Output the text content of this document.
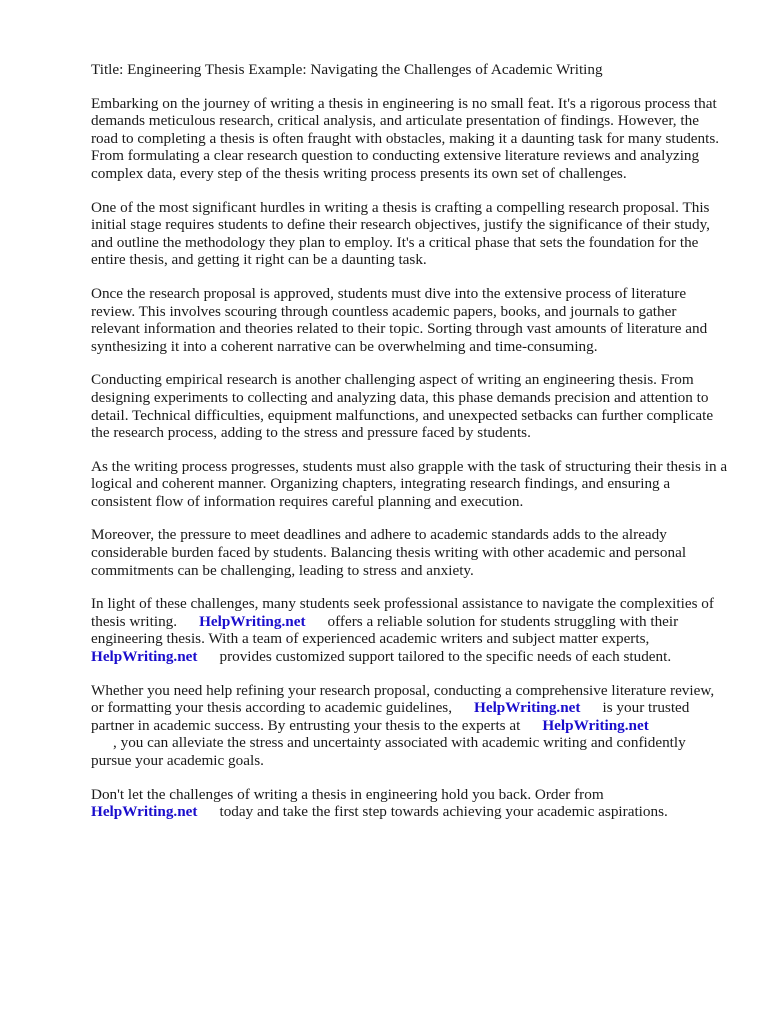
Title: Engineering Thesis Example: Navigating the Challenges of Academic Writing

Embarking on the journey of writing a thesis in engineering is no small feat. It's a rigorous process that demands meticulous research, critical analysis, and articulate presentation of findings. However, the road to completing a thesis is often fraught with obstacles, making it a daunting task for many students. From formulating a clear research question to conducting extensive literature reviews and analyzing complex data, every step of the thesis writing process presents its own set of challenges.

One of the most significant hurdles in writing a thesis is crafting a compelling research proposal. This initial stage requires students to define their research objectives, justify the significance of their study, and outline the methodology they plan to employ. It's a critical phase that sets the foundation for the entire thesis, and getting it right can be a daunting task.

Once the research proposal is approved, students must dive into the extensive process of literature review. This involves scouring through countless academic papers, books, and journals to gather relevant information and theories related to their topic. Sorting through vast amounts of literature and synthesizing it into a coherent narrative can be overwhelming and time-consuming.

Conducting empirical research is another challenging aspect of writing an engineering thesis. From designing experiments to collecting and analyzing data, this phase demands precision and attention to detail. Technical difficulties, equipment malfunctions, and unexpected setbacks can further complicate the research process, adding to the stress and pressure faced by students.

As the writing process progresses, students must also grapple with the task of structuring their thesis in a logical and coherent manner. Organizing chapters, integrating research findings, and ensuring a consistent flow of information requires careful planning and execution.

Moreover, the pressure to meet deadlines and adhere to academic standards adds to the already considerable burden faced by students. Balancing thesis writing with other academic and personal commitments can be challenging, leading to stress and anxiety.

In light of these challenges, many students seek professional assistance to navigate the complexities of thesis writing. HelpWriting.net offers a reliable solution for students struggling with their engineering thesis. With a team of experienced academic writers and subject matter experts,
HelpWriting.net provides customized support tailored to the specific needs of each student.

Whether you need help refining your research proposal, conducting a comprehensive literature review, or formatting your thesis according to academic guidelines, HelpWriting.net is your trusted partner in academic success. By entrusting your thesis to the experts at HelpWriting.net
, you can alleviate the stress and uncertainty associated with academic writing and confidently pursue your academic goals.

Don't let the challenges of writing a thesis in engineering hold you back. Order from
HelpWriting.net today and take the first step towards achieving your academic aspirations.
